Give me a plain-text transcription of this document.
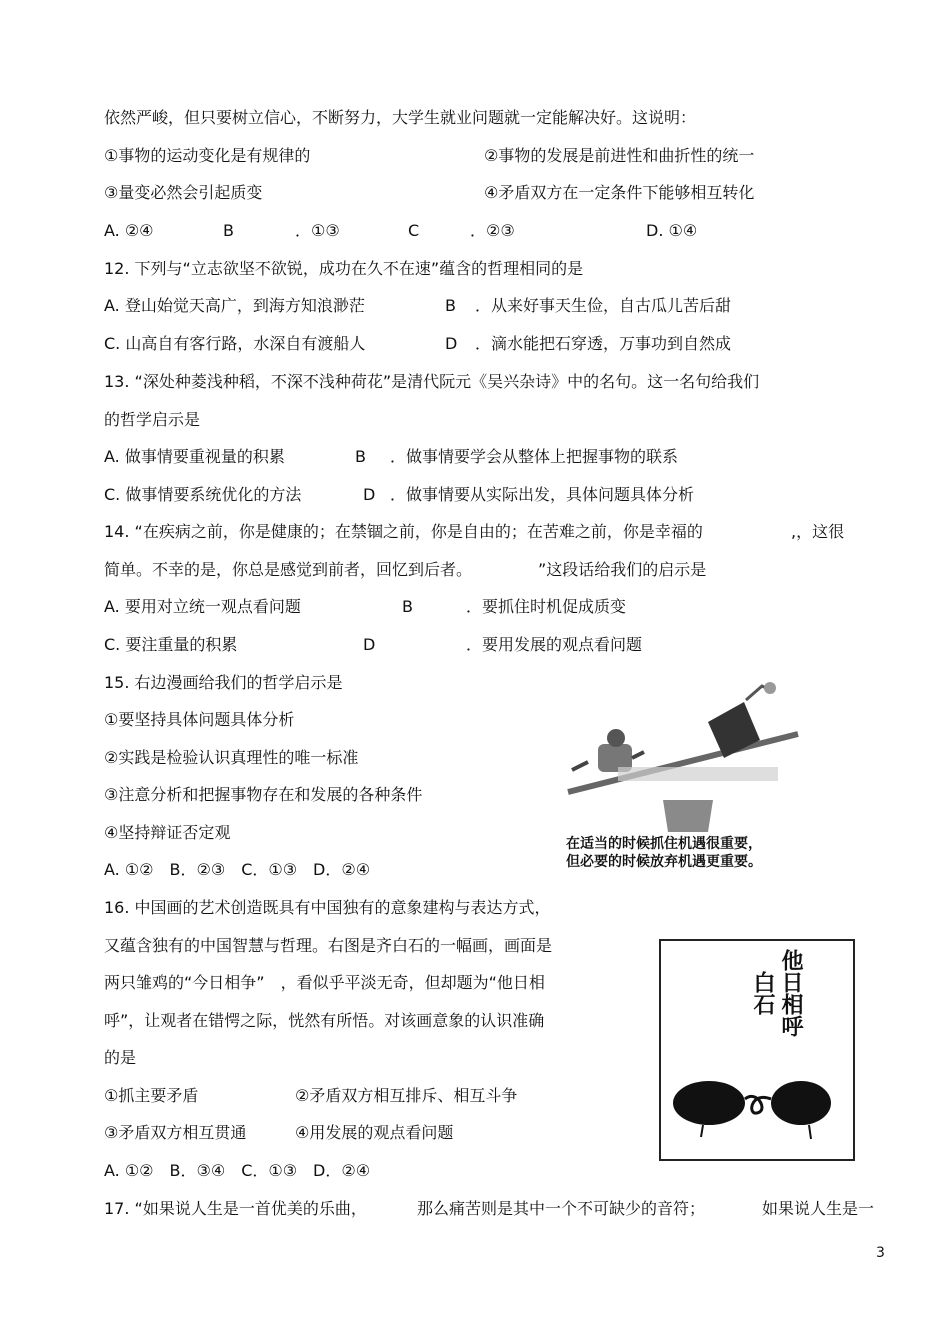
依然严峻，但只要树立信心，不断努力，大学生就业问题就一定能解决好。这说明：
①事物的运动变化是有规律的	②事物的发展是前进性和曲折性的统一
③量变必然会引起质变	④矛盾双方在一定条件下能够相互转化
A. ②④	B	．①③	C	．②③	D. ①④
12. 下列与“立志欲坚不欲锐，成功在久不在速”蕴含的哲理相同的是
A. 登山始觉天高广，到海方知浪渺茫	B ．从来好事天生俭，自古瓜儿苦后甜
C. 山高自有客行路，水深自有渡船人	D ．滴水能把石穿透，万事功到自然成
13. “深处种菱浅种稻，不深不浅种荷花”是清代阮元《吴兴杂诗》中的名句。这一名句给我们
的哲学启示是
A. 做事情要重视量的积累	B ．做事情要学会从整体上把握事物的联系
C. 做事情要系统优化的方法	D ．做事情要从实际出发，具体问题具体分析
14. “在疾病之前，你是健康的；在禁锢之前，你是自由的；在苦难之前，你是幸福的	,，这很
简单。不幸的是，你总是感觉到前者，回忆到后者。	”这段话给我们的启示是
A. 要用对立统一观点看问题	B	．要抓住时机促成质变
C. 要注重量的积累	D	．要用发展的观点看问题
15. 右边漫画给我们的哲学启示是
①要坚持具体问题具体分析
②实践是检验认识真理性的唯一标准
③注意分析和把握事物存在和发展的各种条件
④坚持辩证否定观
A. ①②　B．②③　C．①③　D．②④
在适当的时候抓住机遇很重要，
但必要的时候放弃机遇更重要。
16. 中国画的艺术创造既具有中国独有的意象建构与表达方式，
又蕴含独有的中国智慧与哲理。右图是齐白石的一幅画，画面是
两只雏鸡的“今日相争”　，看似乎平淡无奇，但却题为“他日相
呼”，让观者在错愕之际，恍然有所悟。对该画意象的认识准确
的是
①抓主要矛盾	②矛盾双方相互排斥、相互斗争
③矛盾双方相互贯通	④用发展的观点看问题
A. ①②　B．③④　C．①③　D．②④
他日相呼
白石
17. “如果说人生是一首优美的乐曲，	那么痛苦则是其中一个不可缺少的音符；	如果说人生是一
3
